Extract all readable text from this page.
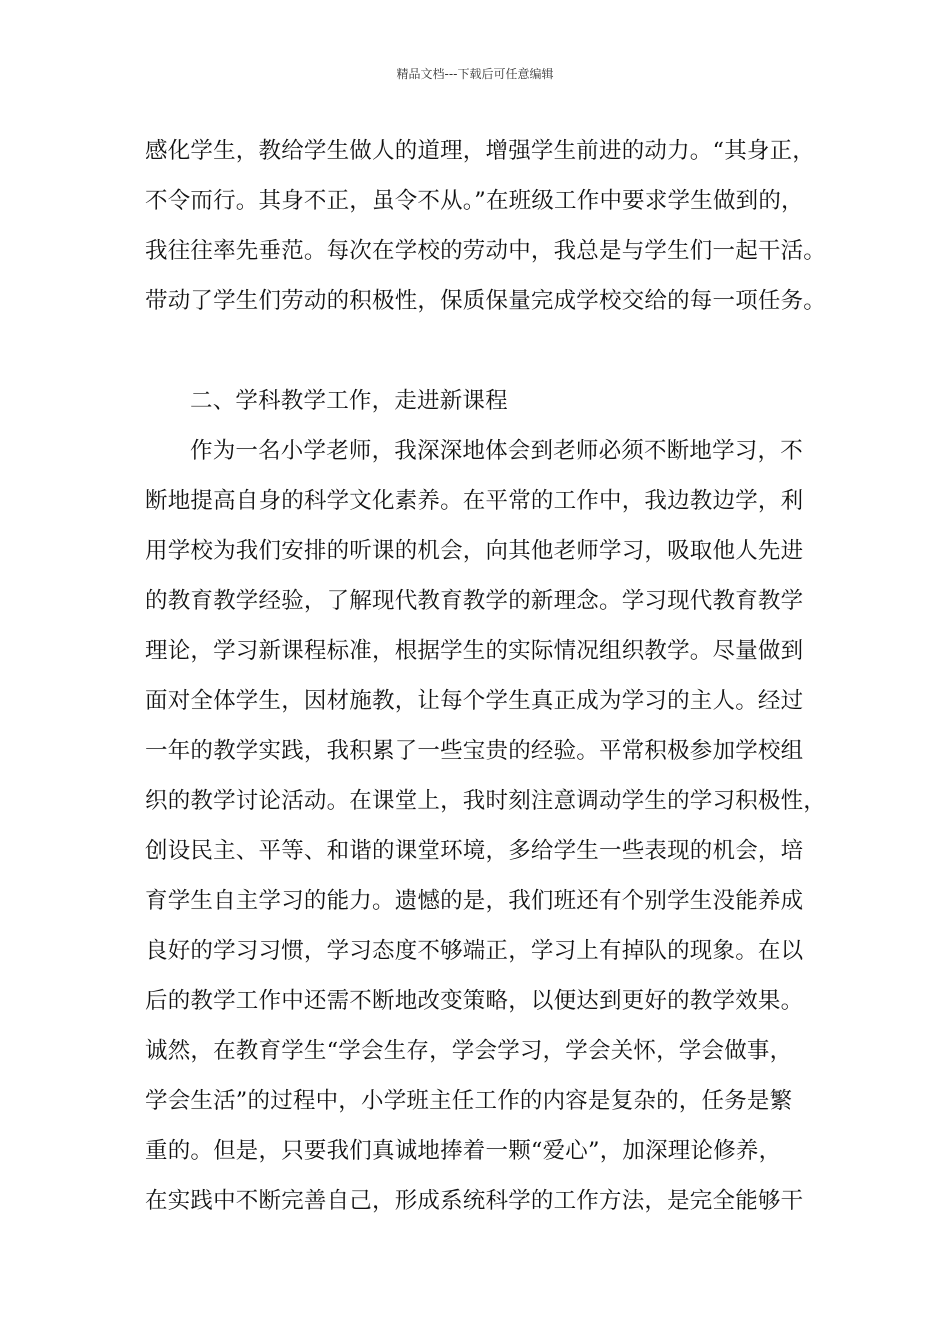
精品文档---下载后可任意编辑
感化学生，教给学生做人的道理，增强学生前进的动力。“其身正，
不令而行。其身不正，虽令不从。”在班级工作中要求学生做到的，
我往往率先垂范。每次在学校的劳动中，我总是与学生们一起干活。
带动了学生们劳动的积极性，保质保量完成学校交给的每一项任务。
二、学科教学工作，走进新课程
作为一名小学老师，我深深地体会到老师必须不断地学习，不
断地提高自身的科学文化素养。在平常的工作中，我边教边学，利
用学校为我们安排的听课的机会，向其他老师学习，吸取他人先进
的教育教学经验，了解现代教育教学的新理念。学习现代教育教学
理论，学习新课程标准，根据学生的实际情况组织教学。尽量做到
面对全体学生，因材施教，让每个学生真正成为学习的主人。经过
一年的教学实践，我积累了一些宝贵的经验。平常积极参加学校组
织的教学讨论活动。在课堂上，我时刻注意调动学生的学习积极性，
创设民主、平等、和谐的课堂环境，多给学生一些表现的机会，培
育学生自主学习的能力。遗憾的是，我们班还有个别学生没能养成
良好的学习习惯，学习态度不够端正，学习上有掉队的现象。在以
后的教学工作中还需不断地改变策略，以便达到更好的教学效果。
诚然，在教育学生“学会生存，学会学习，学会关怀，学会做事，
学会生活”的过程中，小学班主任工作的内容是复杂的，任务是繁
重的。但是，只要我们真诚地捧着一颗“爱心”，加深理论修养，
在实践中不断完善自己，形成系统科学的工作方法，是完全能够干
